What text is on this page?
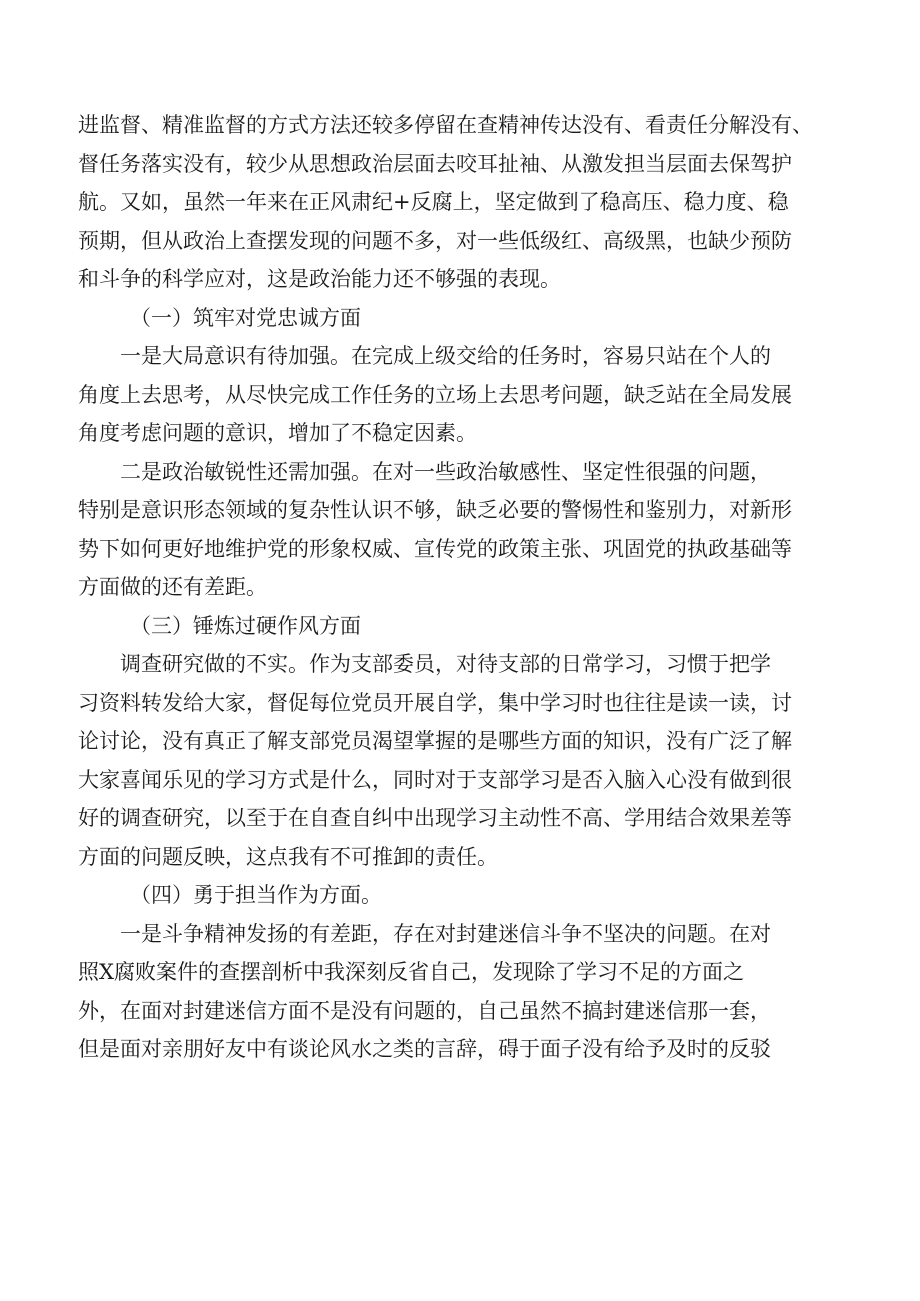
进监督、精准监督的方式方法还较多停留在查精神传达没有、看责任分解没有、
督任务落实没有，较少从思想政治层面去咬耳扯袖、从激发担当层面去保驾护
航。又如，虽然一年来在正风肃纪+反腐上，坚定做到了稳高压、稳力度、稳
预期，但从政治上查摆发现的问题不多，对一些低级红、高级黑，也缺少预防
和斗争的科学应对，这是政治能力还不够强的表现。
（一）筑牢对党忠诚方面
一是大局意识有待加强。在完成上级交给的任务时，容易只站在个人的
角度上去思考，从尽快完成工作任务的立场上去思考问题，缺乏站在全局发展
角度考虑问题的意识，增加了不稳定因素。
二是政治敏锐性还需加强。在对一些政治敏感性、坚定性很强的问题，
特别是意识形态领域的复杂性认识不够，缺乏必要的警惕性和鉴别力，对新形
势下如何更好地维护党的形象权威、宣传党的政策主张、巩固党的执政基础等
方面做的还有差距。
（三）锤炼过硬作风方面
调查研究做的不实。作为支部委员，对待支部的日常学习，习惯于把学
习资料转发给大家，督促每位党员开展自学，集中学习时也往往是读一读，讨
论讨论，没有真正了解支部党员渴望掌握的是哪些方面的知识，没有广泛了解
大家喜闻乐见的学习方式是什么，同时对于支部学习是否入脑入心没有做到很
好的调查研究，以至于在自查自纠中出现学习主动性不高、学用结合效果差等
方面的问题反映，这点我有不可推卸的责任。
（四）勇于担当作为方面。
一是斗争精神发扬的有差距，存在对封建迷信斗争不坚决的问题。在对
照X腐败案件的查摆剖析中我深刻反省自己，发现除了学习不足的方面之
外，在面对封建迷信方面不是没有问题的，自己虽然不搞封建迷信那一套，
但是面对亲朋好友中有谈论风水之类的言辞，碍于面子没有给予及时的反驳
